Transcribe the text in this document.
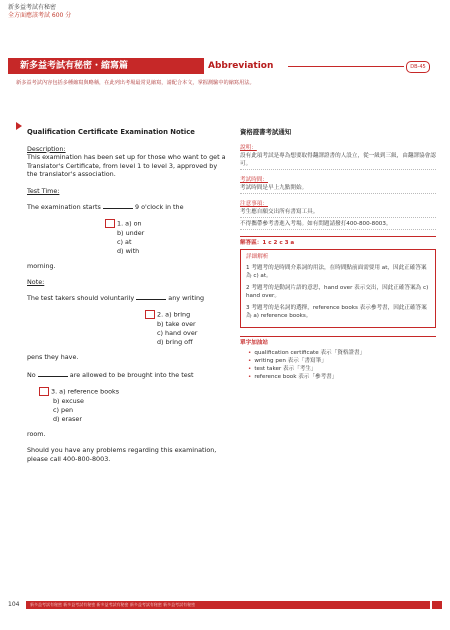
新多益考試有秘密
全方面應該考試 600 分
新多益考試有秘密・縮寫篇	Abbreviation	DB-45
新多益考試內容包括多種縮寫與略稱，在此列出考場最常見縮寫，請配合本文，掌握測驗中的縮寫用法。
Qualification Certificate Examination Notice
Description:

This examination has been set up for those who want to get a Translator's Certificate, from level 1 to level 3, approved by the translator's association.

Test Time:

The examination starts	9 o'clock in the

1. a) on
b) under
c) at
d) with

morning.

Note:

The test takers should voluntarily	any writing

2. a) bring
b) take over
c) hand over
d) bring off

pens they have.

No	are allowed to be brought into the test

3. a) reference books
b) excuse
c) pen
d) eraser

room.

Should you have any problems regarding this examination, please call 400-800-8003.

資格證書考試通知
說明：
設有此項考試是專為想要取得翻譯證書的人設立，從一級到三級，由翻譯協會認可。
考試時間：
考試時間是早上九點開始。
注意事項：
考生應自願交出所有書寫工具。
不得攜帶參考書進入考場。如有問題請撥打400-800-8003。
解答區：1 c 2 c 3 a
詳細解析
1 考題考的是時間介系詞的用法，在時間點前面需要用 at，因此正確答案為 c) at。
2 考題考的是動詞片語的意思，hand over 表示交出，因此正確答案為 c) hand over。
3 考題考的是名詞的選擇，reference books 表示參考書，因此正確答案為 a) reference books。
單字加油站
• qualification certificate 表示「資格證書」
• writing pen 表示「書寫筆」
• test taker 表示「考生」
• reference book 表示「參考書」
104	新多益考試有秘密 新多益考試有秘密 新多益考試有秘密 新多益考試有秘密 新多益考試有秘密
